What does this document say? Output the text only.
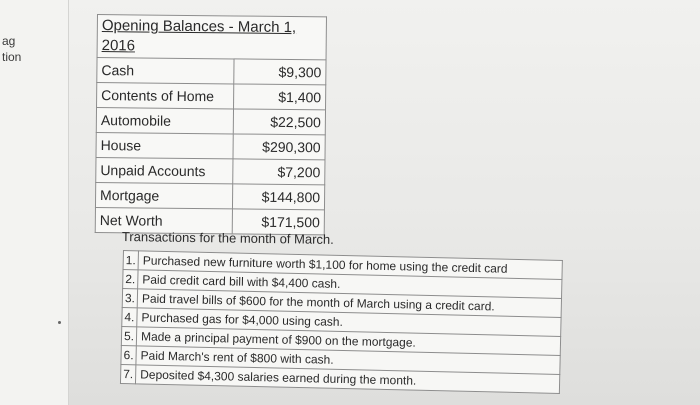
ag
tion
Opening Balances - March 1, 2016	
Cash	$9,300
Contents of Home	$1,400
Automobile	$22,500
House	$290,300
Unpaid Accounts	$7,200
Mortgage	$144,800
Net Worth	$171,500
Transactions for the month of March.
1.	Purchased new furniture worth $1,100 for home using the credit card
2.	Paid credit card bill with $4,400 cash.
3.	Paid travel bills of $600 for the month of March using a credit card.
4.	Purchased gas for $4,000 using cash.
5.	Made a principal payment of $900 on the mortgage.
6.	Paid March's rent of $800 with cash.
7.	Deposited $4,300 salaries earned during the month.
